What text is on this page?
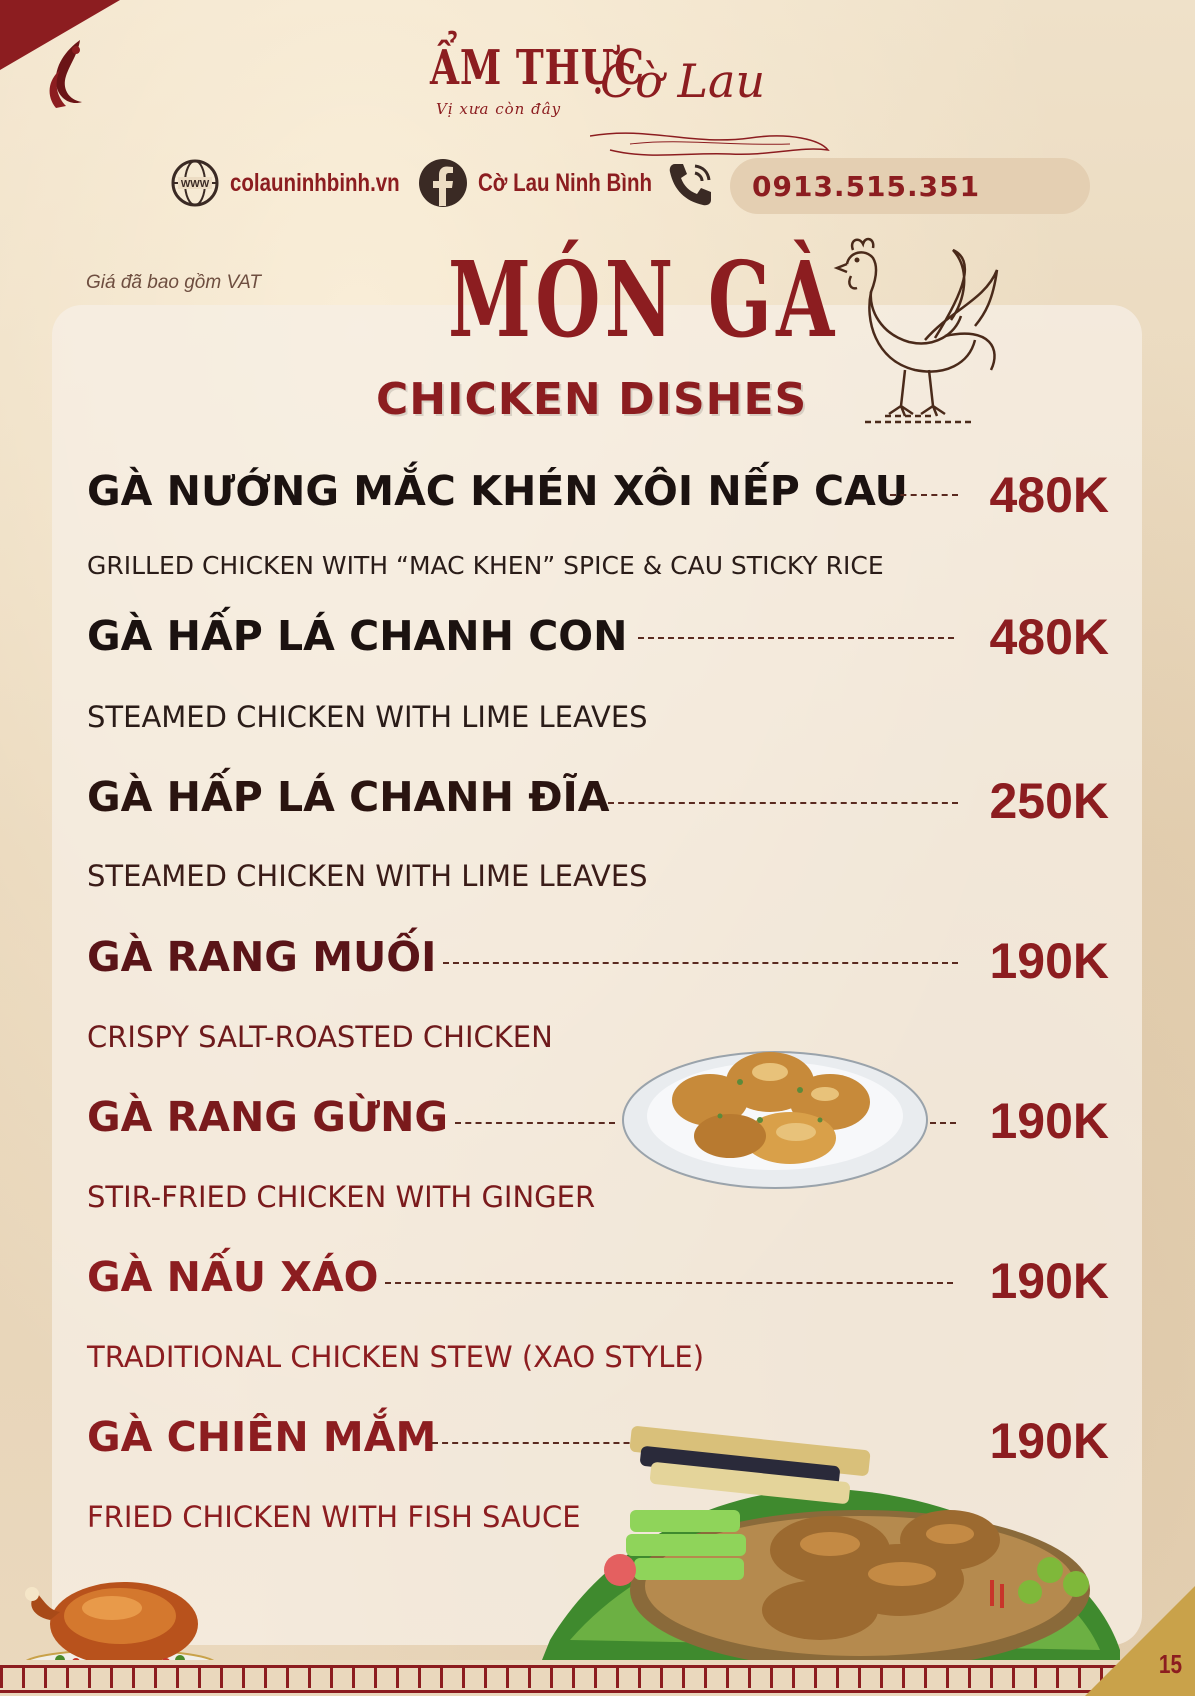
ẨM THỰC
Cờ Lau
Vị xưa còn đây
WWW colauninhbinh.vn	Cờ Lau Ninh Bình	0913.515.351
Giá đã bao gồm VAT MÓN GÀ
CHICKEN DISHES
GÀ NƯỚNG MẮC KHÉN XÔI NẾP CAU	480K
GRILLED CHICKEN WITH “MAC KHEN” SPICE & CAU STICKY RICE
GÀ HẤP LÁ CHANH CON	480K
STEAMED CHICKEN WITH LIME LEAVES
GÀ HẤP LÁ CHANH ĐĨA	250K
STEAMED CHICKEN WITH LIME LEAVES
GÀ RANG MUỐI	190K
CRISPY SALT-ROASTED CHICKEN
GÀ RANG GỪNG	190K
STIR-FRIED CHICKEN WITH GINGER
GÀ NẤU XÁO	190K
TRADITIONAL CHICKEN STEW (XAO STYLE)
GÀ CHIÊN MẮM	190K
FRIED CHICKEN WITH FISH SAUCE
15
